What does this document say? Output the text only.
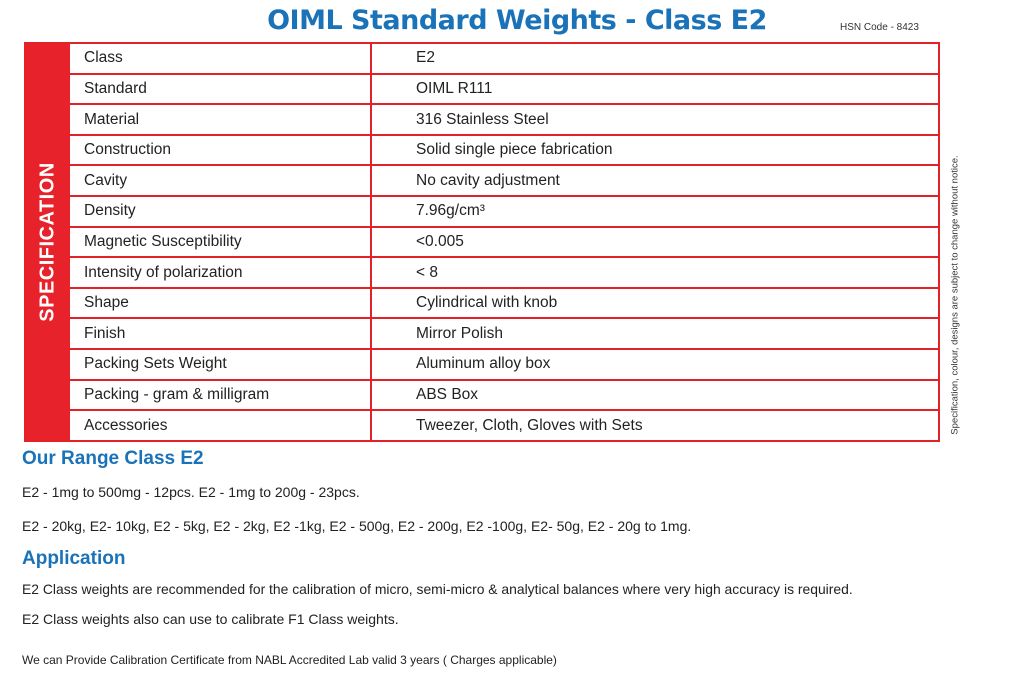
OIML Standard Weights - Class E2	HSN Code - 8423
SPECIFICATION
Class	E2
Standard	OIML R111
Material	316 Stainless Steel
Construction	Solid single piece fabrication
Cavity	No cavity adjustment
Density	7.96g/cm³
Magnetic Susceptibility	<0.005
Intensity of polarization	< 8
Shape	Cylindrical with knob
Finish	Mirror Polish
Packing Sets Weight	Aluminum alloy box
Packing - gram & milligram	ABS Box
Accessories	Tweezer, Cloth, Gloves with Sets	Specification, colour, designs are subject to change without notice.
Our Range Class E2
E2 - 1mg to 500mg - 12pcs. E2 - 1mg to 200g - 23pcs.
E2 - 20kg, E2- 10kg, E2 - 5kg, E2 - 2kg, E2 -1kg, E2 - 500g, E2 - 200g, E2 -100g, E2- 50g, E2 - 20g to 1mg.
Application
E2 Class weights are recommended for the calibration of micro, semi-micro & analytical balances where very high accuracy is required.
E2 Class weights also can use to calibrate F1 Class weights.
We can Provide Calibration Certificate from NABL Accredited Lab valid 3 years ( Charges applicable)
